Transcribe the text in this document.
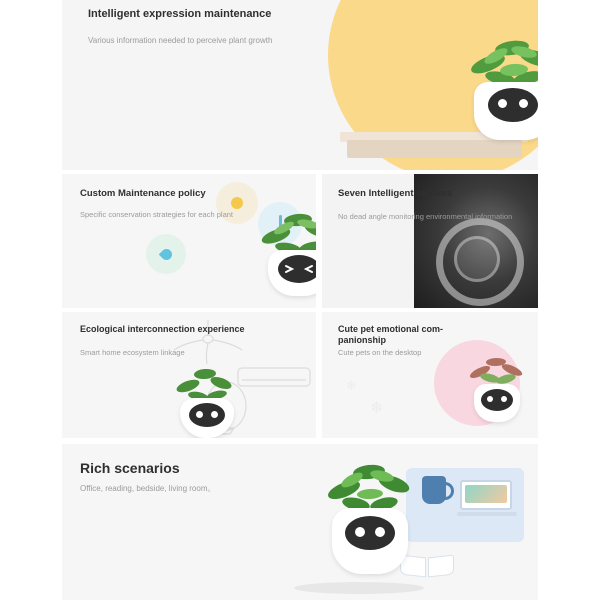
Intelligent expression maintenance
Various information needed to perceive plant growth
Custom Maintenance policy
Specific conservation strategies for each plant
Seven Intelligent sensors
No dead angle monitoring environmental information
Ecological interconnection experience
Smart home ecosystem linkage
❄
❄
Cute pet emotional com-panionship
Cute pets on the desktop
Rich scenarios
Office, reading, bedside, living room。
